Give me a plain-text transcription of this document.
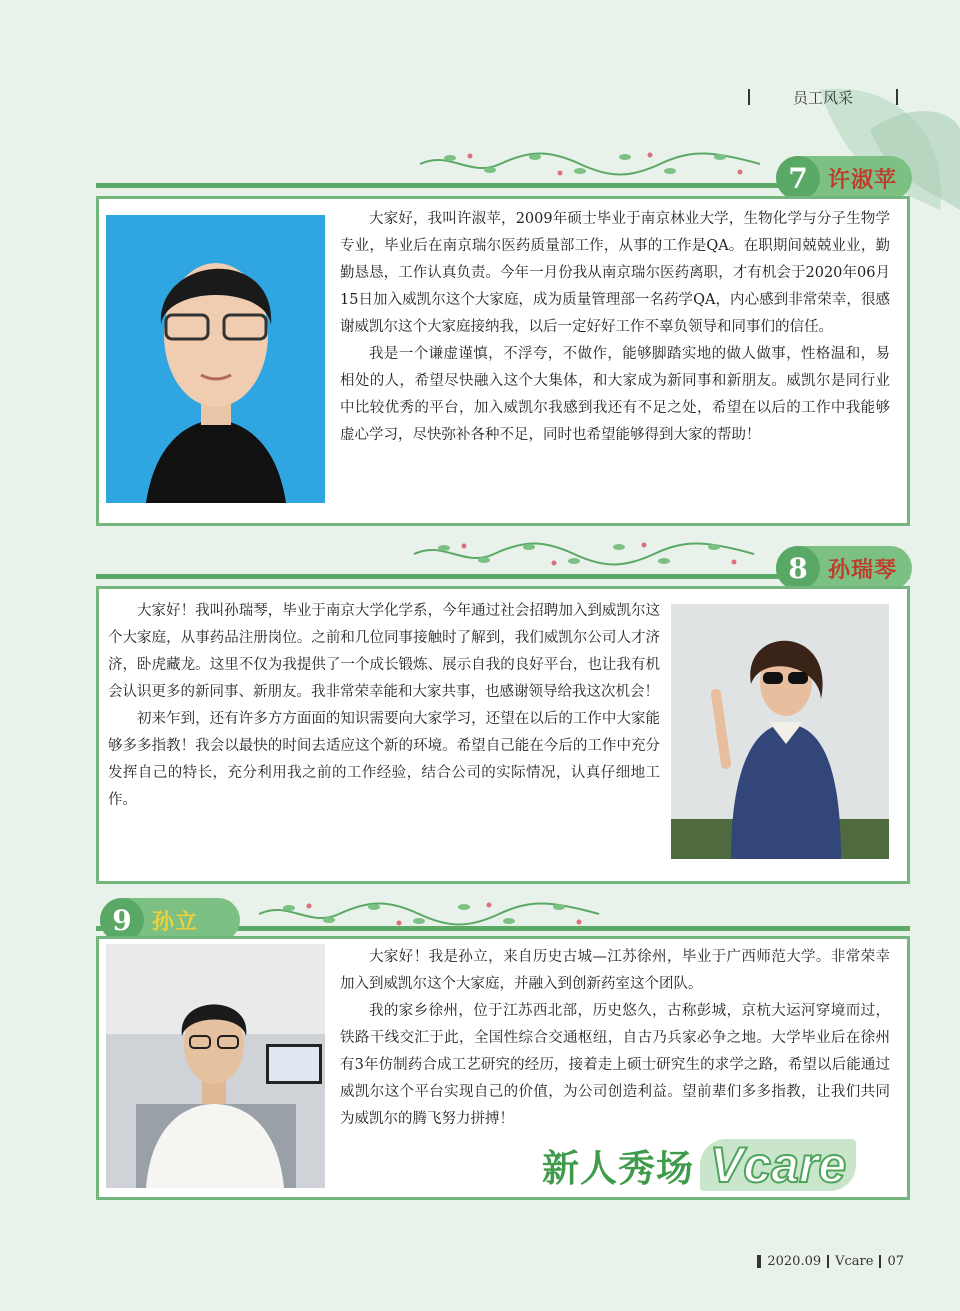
员工风采
7 许淑苹

大家好，我叫许淑苹，2009年硕士毕业于南京林业大学，生物化学与分子生物学专业，毕业后在南京瑞尔医药质量部工作，从事的工作是QA。在职期间兢兢业业，勤勤恳恳，工作认真负责。今年一月份我从南京瑞尔医药离职，才有机会于2020年06月15日加入威凯尔这个大家庭，成为质量管理部一名药学QA，内心感到非常荣幸，很感谢威凯尔这个大家庭接纳我，以后一定好好工作不辜负领导和同事们的信任。

我是一个谦虚谨慎，不浮夸，不做作，能够脚踏实地的做人做事，性格温和，易相处的人，希望尽快融入这个大集体，和大家成为新同事和新朋友。威凯尔是同行业中比较优秀的平台，加入威凯尔我感到我还有不足之处，希望在以后的工作中我能够虚心学习，尽快弥补各种不足，同时也希望能够得到大家的帮助！

8 孙瑞琴

大家好！我叫孙瑞琴，毕业于南京大学化学系，今年通过社会招聘加入到威凯尔这个大家庭，从事药品注册岗位。之前和几位同事接触时了解到，我们威凯尔公司人才济济，卧虎藏龙。这里不仅为我提供了一个成长锻炼、展示自我的良好平台，也让我有机会认识更多的新同事、新朋友。我非常荣幸能和大家共事，也感谢领导给我这次机会！

初来乍到，还有许多方方面面的知识需要向大家学习，还望在以后的工作中大家能够多多指教！我会以最快的时间去适应这个新的环境。希望自己能在今后的工作中充分发挥自己的特长，充分利用我之前的工作经验，结合公司的实际情况，认真仔细地工作。

9 孙立

大家好！我是孙立，来自历史古城—江苏徐州，毕业于广西师范大学。非常荣幸加入到威凯尔这个大家庭，并融入到创新药室这个团队。

我的家乡徐州，位于江苏西北部，历史悠久，古称彭城，京杭大运河穿境而过，铁路干线交汇于此，全国性综合交通枢纽，自古乃兵家必争之地。大学毕业后在徐州有3年仿制药合成工艺研究的经历，接着走上硕士研究生的求学之路，希望以后能通过威凯尔这个平台实现自己的价值，为公司创造利益。望前辈们多多指教，让我们共同为威凯尔的腾飞努力拼搏！

新人秀场 Vcare
2020.09 Vcare 07
